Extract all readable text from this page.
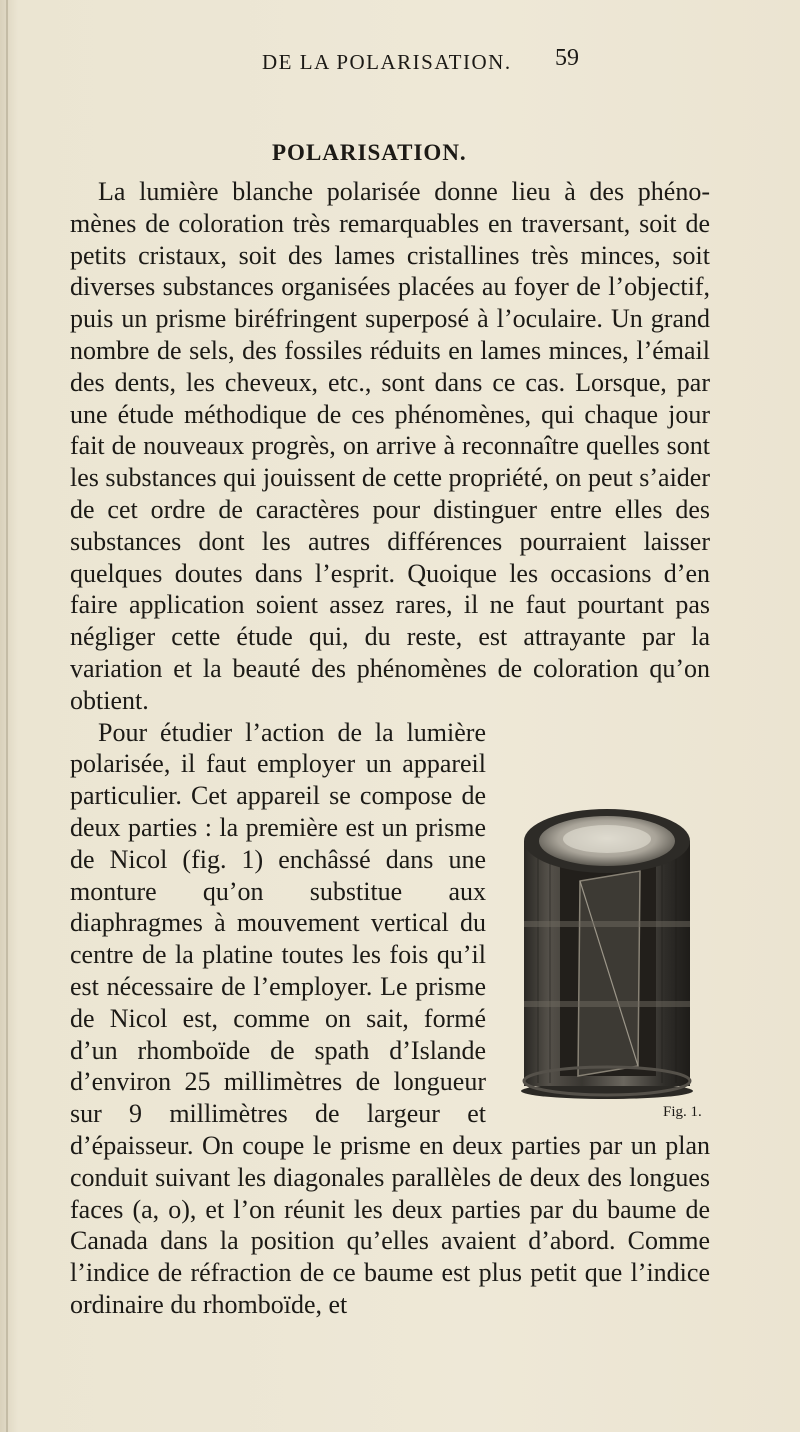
DE LA POLARISATION. 59
POLARISATION.

La lumière blanche polarisée donne lieu à des phénomènes de coloration très remarquables en traversant, soit de petits cristaux, soit des lames cristallines très minces, soit diverses substances organisées placées au foyer de l’objectif, puis un prisme biréfringent superposé à l’oculaire. Un grand nombre de sels, des fossiles réduits en lames minces, l’émail des dents, les cheveux, etc., sont dans ce cas. Lorsque, par une étude méthodique de ces phénomènes, qui chaque jour fait de nouveaux progrès, on arrive à reconnaître quelles sont les substances qui jouissent de cette propriété, on peut s’aider de cet ordre de caractères pour distinguer entre elles des substances dont les autres différences pourraient laisser quelques doutes dans l’esprit. Quoique les occasions d’en faire application soient assez rares, il ne faut pourtant pas négliger cette étude qui, du reste, est attrayante par la variation et la beauté des phénomènes de coloration qu’on obtient.

Fig. 1.

Pour étudier l’action de la lumière polarisée, il faut employer un appareil particulier. Cet appareil se compose de deux parties : la première est un prisme de Nicol (fig. 1) enchâssé dans une monture qu’on substitue aux diaphragmes à mouvement vertical du centre de la platine toutes les fois qu’il est nécessaire de l’employer. Le prisme de Nicol est, comme on sait, formé d’un rhomboïde de spath d’Islande d’environ 25 millimètres de longueur sur 9 millimètres de largeur et d’épaisseur. On coupe le prisme en deux parties par un plan conduit suivant les diagonales parallèles de deux des longues faces (a, o), et l’on réunit les deux parties par du baume de Canada dans la position qu’elles avaient d’abord. Comme l’indice de réfraction de ce baume est plus petit que l’indice ordinaire du rhomboïde, et
